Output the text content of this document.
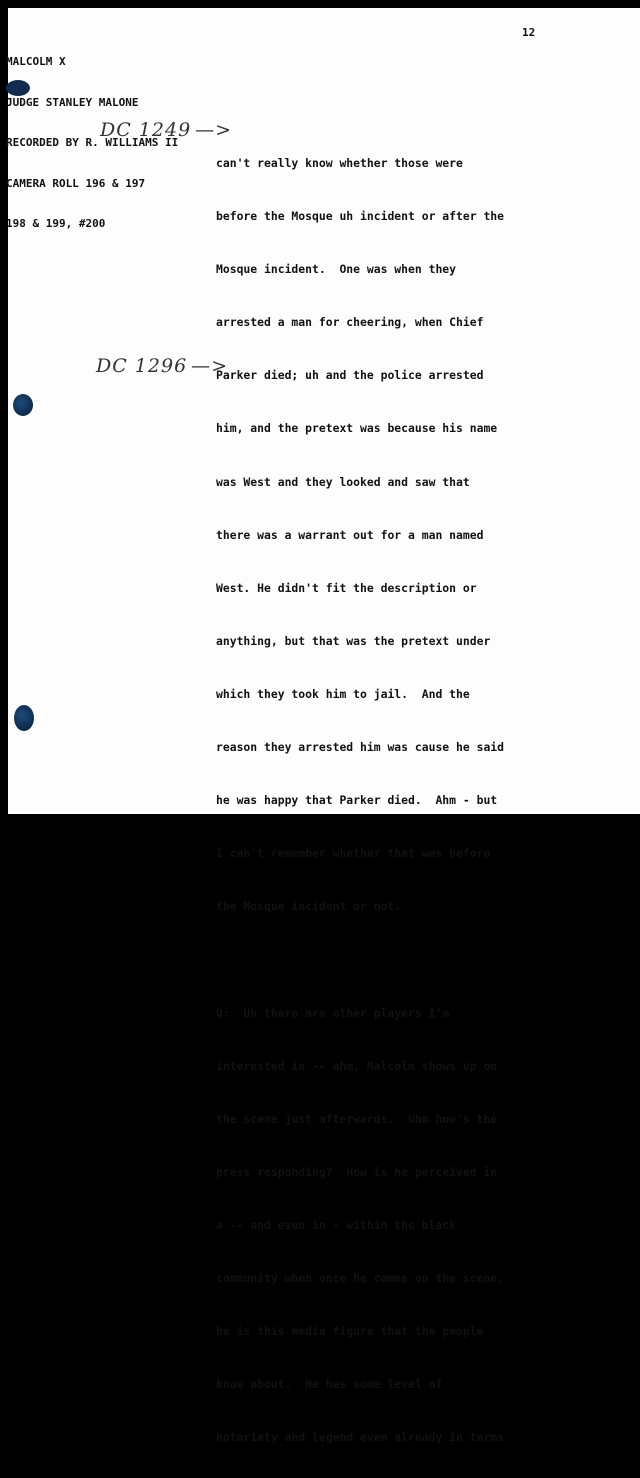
MALCOLM X

JUDGE STANLEY MALONE

RECORDED BY R. WILLIAMS II

CAMERA ROLL 196 & 197

198 & 199, #200

12
DC 1249 —>
DC 1296 —>

can't really know whether those were

before the Mosque uh incident or after the

Mosque incident.  One was when they

arrested a man for cheering, when Chief

Parker died; uh and the police arrested

him, and the pretext was because his name

was West and they looked and saw that

there was a warrant out for a man named

West. He didn't fit the description or

anything, but that was the pretext under

which they took him to jail.  And the

reason they arrested him was cause he said

he was happy that Parker died.  Ahm - but

I can't remember whether that was before

the Mosque incident or not.

Q:  Uh there are other players I'm

interested in -- ahm, Malcolm shows up on

the scene just afterwards.  Uhm how's the

press responding?  How is he perceived in

a -- and even in - within the black

community when once he comes on the scene,

he is this media figure that the people

know about.  He has some level of

notoriety and legend even already in terms
